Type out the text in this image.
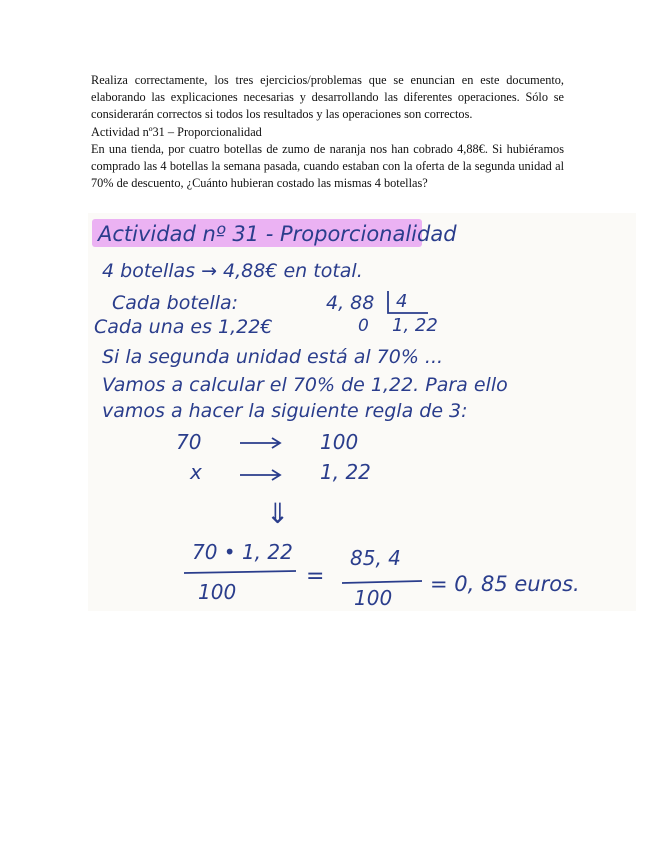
Realiza correctamente, los tres ejercicios/problemas que se enuncian en este documento, elaborando las explicaciones necesarias y desarrollando las diferentes operaciones. Sólo se considerarán correctos si todos los resultados y las operaciones son correctos.

Actividad nº31 – Proporcionalidad

En una tienda, por cuatro botellas de zumo de naranja nos han cobrado 4,88€. Si hubiéramos comprado las 4 botellas la semana pasada, cuando estaban con la oferta de la segunda unidad al 70% de descuento, ¿Cuánto hubieran costado las mismas 4 botellas?

Actividad nº 31 - Proporcionalidad
4 botellas → 4,88€ en total.
Cada botella:	4, 88 4
0 1, 22
Cada una es 1,22€
Si la segunda unidad está al 70% ...
Vamos a calcular el 70% de 1,22. Para ello
vamos a hacer la siguiente regla de 3:
70	100
x	1, 22
⇓
70 • 1, 22
100
=
85, 4
100
= 0, 85 euros.
